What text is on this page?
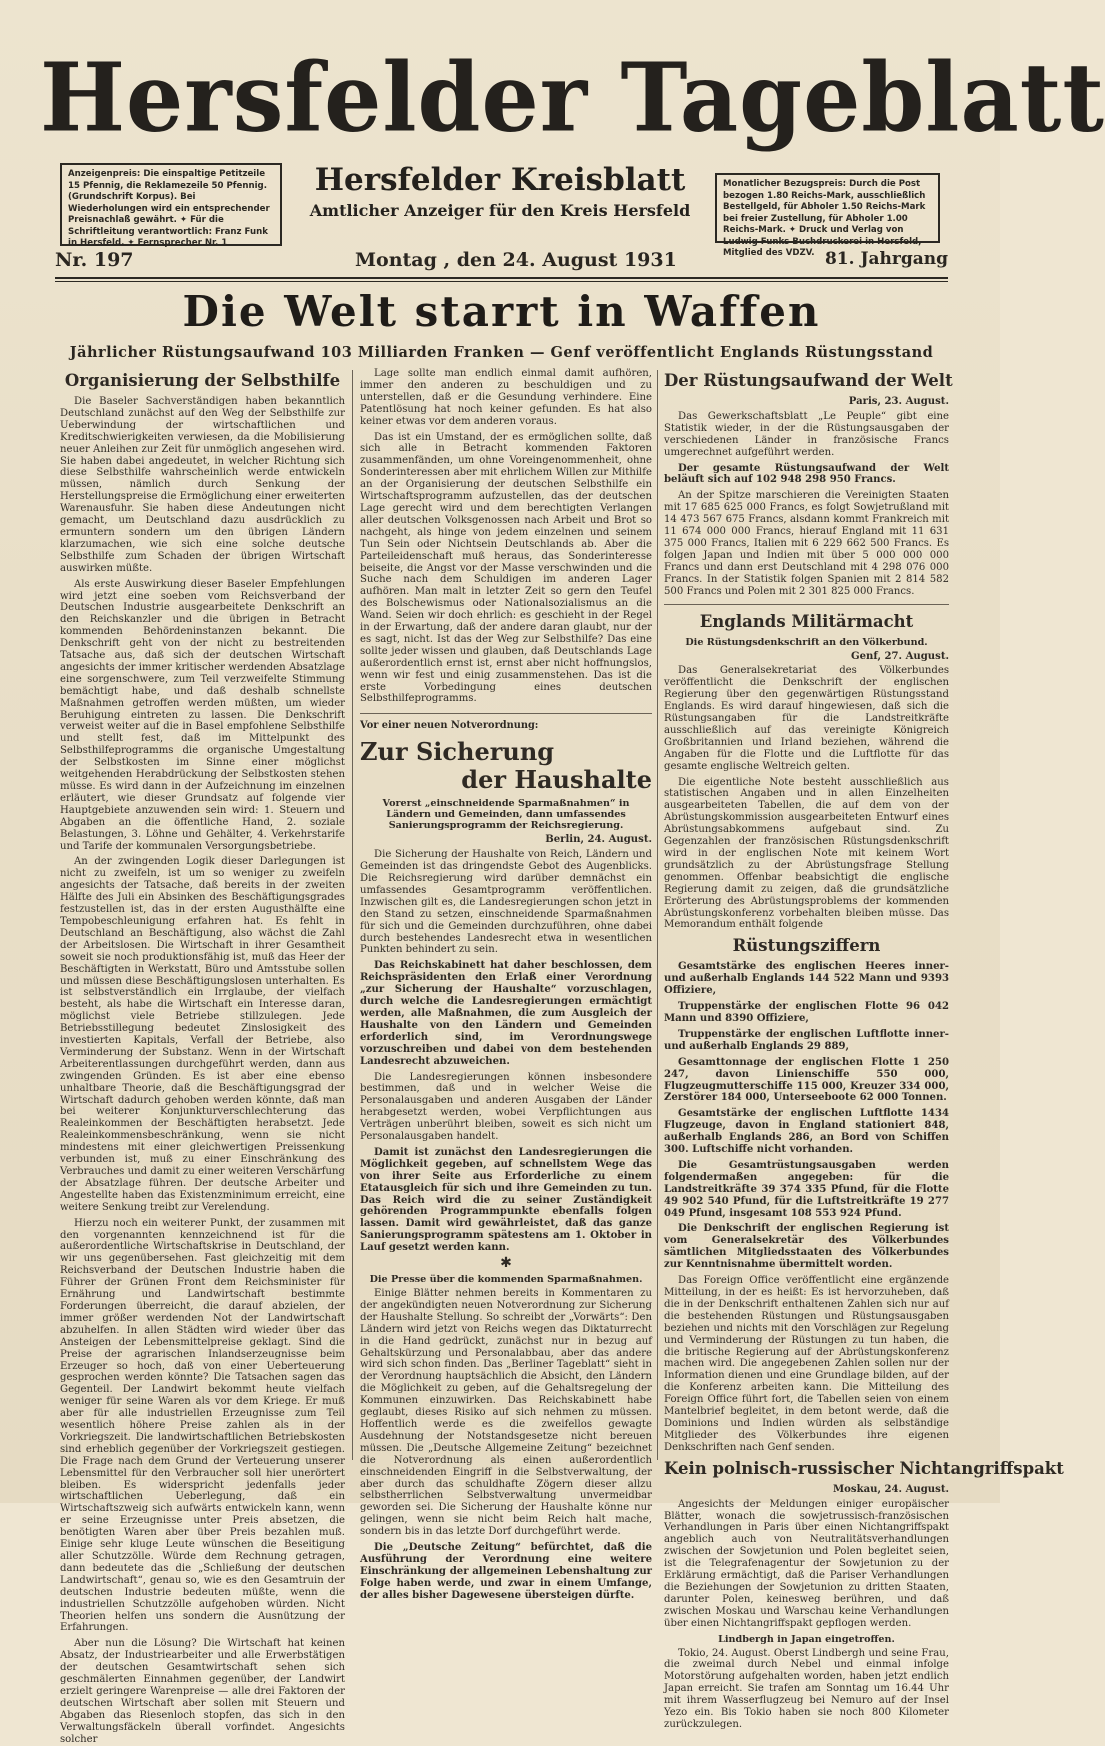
Hersfelder Tageblatt
Anzeigenpreis: Die einspaltige Petitzeile 15 Pfennig, die Reklamezeile 50 Pfennig. (Grundschrift Korpus). Bei Wiederholungen wird ein entsprechender Preisnachlaß gewährt. ✦ Für die Schriftleitung verantwortlich: Franz Funk in Hersfeld. ✦ Fernsprecher Nr. 1
Hersfelder Kreisblatt
Amtlicher Anzeiger für den Kreis Hersfeld
Monatlicher Bezugspreis: Durch die Post bezogen 1.80 Reichs-Mark, ausschließlich Bestellgeld, für Abholer 1.50 Reichs-Mark bei freier Zustellung, für Abholer 1.00 Reichs-Mark. ✦ Druck und Verlag von Ludwig Funks Buchdruckerei in Hersfeld, Mitglied des VDZV.
Nr. 197	Montag , den 24. August 1931	81. Jahrgang
Die Welt starrt in Waffen
Jährlicher Rüstungsaufwand 103 Milliarden Franken — Genf veröffentlicht Englands Rüstungsstand
Organisierung der Selbsthilfe

Die Baseler Sachverständigen haben bekanntlich Deutschland zunächst auf den Weg der Selbsthilfe zur Ueberwindung der wirtschaftlichen und Kreditschwierigkeiten verwiesen, da die Mobilisierung neuer Anleihen zur Zeit für unmöglich angesehen wird. Sie haben dabei angedeutet, in welcher Richtung sich diese Selbsthilfe wahrscheinlich werde entwickeln müssen, nämlich durch Senkung der Herstellungspreise die Ermöglichung einer erweiterten Warenausfuhr. Sie haben diese Andeutungen nicht gemacht, um Deutschland dazu ausdrücklich zu ermuntern sondern um den übrigen Ländern klarzumachen, wie sich eine solche deutsche Selbsthilfe zum Schaden der übrigen Wirtschaft auswirken müßte.

Als erste Auswirkung dieser Baseler Empfehlungen wird jetzt eine soeben vom Reichsverband der Deutschen Industrie ausgearbeitete Denkschrift an den Reichskanzler und die übrigen in Betracht kommenden Behördeninstanzen bekannt. Die Denkschrift geht von der nicht zu bestreitenden Tatsache aus, daß sich der deutschen Wirtschaft angesichts der immer kritischer werdenden Absatzlage eine sorgenschwere, zum Teil verzweifelte Stimmung bemächtigt habe, und daß deshalb schnellste Maßnahmen getroffen werden müßten, um wieder Beruhigung eintreten zu lassen. Die Denkschrift verweist weiter auf die in Basel empfohlene Selbsthilfe und stellt fest, daß im Mittelpunkt des Selbsthilfeprogramms die organische Umgestaltung der Selbstkosten im Sinne einer möglichst weitgehenden Herabdrückung der Selbstkosten stehen müsse. Es wird dann in der Aufzeichnung im einzelnen erläutert, wie dieser Grundsatz auf folgende vier Hauptgebiete anzuwenden sein wird: 1. Steuern und Abgaben an die öffentliche Hand, 2. soziale Belastungen, 3. Löhne und Gehälter, 4. Verkehrstarife und Tarife der kommunalen Versorgungsbetriebe.

An der zwingenden Logik dieser Darlegungen ist nicht zu zweifeln, ist um so weniger zu zweifeln angesichts der Tatsache, daß bereits in der zweiten Hälfte des Juli ein Absinken des Beschäftigungsgrades festzustellen ist, das in der ersten Augusthälfte eine Tempobeschleunigung erfahren hat. Es fehlt in Deutschland an Beschäftigung, also wächst die Zahl der Arbeitslosen. Die Wirtschaft in ihrer Gesamtheit soweit sie noch produktionsfähig ist, muß das Heer der Beschäftigten in Werkstatt, Büro und Amtsstube sollen und müssen diese Beschäftigungslosen unterhalten. Es ist selbstverständlich ein Irrglaube, der vielfach besteht, als habe die Wirtschaft ein Interesse daran, möglichst viele Betriebe stillzulegen. Jede Betriebsstillegung bedeutet Zinslosigkeit des investierten Kapitals, Verfall der Betriebe, also Verminderung der Substanz. Wenn in der Wirtschaft Arbeiterentlassungen durchgeführt werden, dann aus zwingenden Gründen. Es ist aber eine ebenso unhaltbare Theorie, daß die Beschäftigungsgrad der Wirtschaft dadurch gehoben werden könnte, daß man bei weiterer Konjunkturverschlechterung das Realeinkommen der Beschäftigten herabsetzt. Jede Realeinkommensbeschränkung, wenn sie nicht mindestens mit einer gleichwertigen Preissenkung verbunden ist, muß zu einer Einschränkung des Verbrauches und damit zu einer weiteren Verschärfung der Absatzlage führen. Der deutsche Arbeiter und Angestellte haben das Existenzminimum erreicht, eine weitere Senkung treibt zur Verelendung.

Hierzu noch ein weiterer Punkt, der zusammen mit den vorgenannten kennzeichnend ist für die außerordentliche Wirtschaftskrise in Deutschland, der wir uns gegenübersehen. Fast gleichzeitig mit dem Reichsverband der Deutschen Industrie haben die Führer der Grünen Front dem Reichsminister für Ernährung und Landwirtschaft bestimmte Forderungen überreicht, die darauf abzielen, der immer größer werdenden Not der Landwirtschaft abzuhelfen. In allen Städten wird wieder über das Ansteigen der Lebensmittelpreise geklagt. Sind die Preise der agrarischen Inlandserzeugnisse beim Erzeuger so hoch, daß von einer Ueberteuerung gesprochen werden könnte? Die Tatsachen sagen das Gegenteil. Der Landwirt bekommt heute vielfach weniger für seine Waren als vor dem Kriege. Er muß aber für alle industriellen Erzeugnisse zum Teil wesentlich höhere Preise zahlen als in der Vorkriegszeit. Die landwirtschaftlichen Betriebskosten sind erheblich gegenüber der Vorkriegszeit gestiegen. Die Frage nach dem Grund der Verteuerung unserer Lebensmittel für den Verbraucher soll hier unerörtert bleiben. Es widerspricht jedenfalls jeder wirtschaftlichen Ueberlegung, daß ein Wirtschaftszweig sich aufwärts entwickeln kann, wenn er seine Erzeugnisse unter Preis absetzen, die benötigten Waren aber über Preis bezahlen muß. Einige sehr kluge Leute wünschen die Beseitigung aller Schutzzölle. Würde dem Rechnung getragen, dann bedeutete das die „Schließung der deutschen Landwirtschaft“, genau so, wie es den Gesamtruin der deutschen Industrie bedeuten müßte, wenn die industriellen Schutzzölle aufgehoben würden. Nicht Theorien helfen uns sondern die Ausnützung der Erfahrungen.

Aber nun die Lösung? Die Wirtschaft hat keinen Absatz, der Industriearbeiter und alle Erwerbstätigen der deutschen Gesamtwirtschaft sehen sich geschmälerten Einnahmen gegenüber, der Landwirt erzielt geringere Warenpreise — alle drei Faktoren der deutschen Wirtschaft aber sollen mit Steuern und Abgaben das Riesenloch stopfen, das sich in den Verwaltungsfäckeln überall vorfindet. Angesichts solcher

Lage sollte man endlich einmal damit aufhören, immer den anderen zu beschuldigen und zu unterstellen, daß er die Gesundung verhindere. Eine Patentlösung hat noch keiner gefunden. Es hat also keiner etwas vor dem anderen voraus.

Das ist ein Umstand, der es ermöglichen sollte, daß sich alle in Betracht kommenden Faktoren zusammenfänden, um ohne Voreingenommenheit, ohne Sonderinteressen aber mit ehrlichem Willen zur Mithilfe an der Organisierung der deutschen Selbsthilfe ein Wirtschaftsprogramm aufzustellen, das der deutschen Lage gerecht wird und dem berechtigten Verlangen aller deutschen Volksgenossen nach Arbeit und Brot so nachgeht, als hinge von jedem einzelnen und seinem Tun Sein oder Nichtsein Deutschlands ab. Aber die Parteileidenschaft muß heraus, das Sonderinteresse beiseite, die Angst vor der Masse verschwinden und die Suche nach dem Schuldigen im anderen Lager aufhören. Man malt in letzter Zeit so gern den Teufel des Bolschewismus oder Nationalsozialismus an die Wand. Seien wir doch ehrlich: es geschieht in der Regel in der Erwartung, daß der andere daran glaubt, nur der es sagt, nicht. Ist das der Weg zur Selbsthilfe? Das eine sollte jeder wissen und glauben, daß Deutschlands Lage außerordentlich ernst ist, ernst aber nicht hoffnungslos, wenn wir fest und einig zusammenstehen. Das ist die erste Vorbedingung eines deutschen Selbsthilfeprogramms.

Vor einer neuen Notverordnung:
Zur Sicherung
der Haushalte
Vorerst „einschneidende Sparmaßnahmen“ in Ländern und Gemeinden, dann umfassendes Sanierungsprogramm der Reichsregierung.
Berlin, 24. August.

Die Sicherung der Haushalte von Reich, Ländern und Gemeinden ist das dringendste Gebot des Augenblicks. Die Reichsregierung wird darüber demnächst ein umfassendes Gesamtprogramm veröffentlichen. Inzwischen gilt es, die Landesregierungen schon jetzt in den Stand zu setzen, einschneidende Sparmaßnahmen für sich und die Gemeinden durchzuführen, ohne dabei durch bestehendes Landesrecht etwa in wesentlichen Punkten behindert zu sein.

Das Reichskabinett hat daher beschlossen, dem Reichspräsidenten den Erlaß einer Verordnung „zur Sicherung der Haushalte“ vorzuschlagen, durch welche die Landesregierungen ermächtigt werden, alle Maßnahmen, die zum Ausgleich der Haushalte von den Ländern und Gemeinden erforderlich sind, im Verordnungswege vorzuschreiben und dabei von dem bestehenden Landesrecht abzuweichen.

Die Landesregierungen können insbesondere bestimmen, daß und in welcher Weise die Personalausgaben und anderen Ausgaben der Länder herabgesetzt werden, wobei Verpflichtungen aus Verträgen unberührt bleiben, soweit es sich nicht um Personalausgaben handelt.

Damit ist zunächst den Landesregierungen die Möglichkeit gegeben, auf schnellstem Wege das von ihrer Seite aus Erforderliche zu einem Etatausgleich für sich und ihre Gemeinden zu tun. Das Reich wird die zu seiner Zuständigkeit gehörenden Programmpunkte ebenfalls folgen lassen. Damit wird gewährleistet, daß das ganze Sanierungsprogramm spätestens am 1. Oktober in Lauf gesetzt werden kann.

✱
Die Presse über die kommenden Sparmaßnahmen.

Einige Blätter nehmen bereits in Kommentaren zu der angekündigten neuen Notverordnung zur Sicherung der Haushalte Stellung. So schreibt der „Vorwärts“: Den Ländern wird jetzt von Reichs wegen das Diktaturrecht in die Hand gedrückt, zunächst nur in bezug auf Gehaltskürzung und Personalabbau, aber das andere wird sich schon finden. Das „Berliner Tageblatt“ sieht in der Verordnung hauptsächlich die Absicht, den Ländern die Möglichkeit zu geben, auf die Gehaltsregelung der Kommunen einzuwirken. Das Reichskabinett habe geglaubt, dieses Risiko auf sich nehmen zu müssen. Hoffentlich werde es die zweifellos gewagte Ausdehnung der Notstandsgesetze nicht bereuen müssen. Die „Deutsche Allgemeine Zeitung“ bezeichnet die Notverordnung als einen außerordentlich einschneidenden Eingriff in die Selbstverwaltung, der aber durch das schuldhafte Zögern dieser allzu selbstherrlichen Selbstverwaltung unvermeidbar geworden sei. Die Sicherung der Haushalte könne nur gelingen, wenn sie nicht beim Reich halt mache, sondern bis in das letzte Dorf durchgeführt werde.

Die „Deutsche Zeitung“ befürchtet, daß die Ausführung der Verordnung eine weitere Einschränkung der allgemeinen Lebenshaltung zur Folge haben werde, und zwar in einem Umfange, der alles bisher Dagewesene übersteigen dürfte.

Der Rüstungsaufwand der Welt
Paris, 23. August.

Das Gewerkschaftsblatt „Le Peuple“ gibt eine Statistik wieder, in der die Rüstungsausgaben der verschiedenen Länder in französische Francs umgerechnet aufgeführt werden.

Der gesamte Rüstungsaufwand der Welt beläuft sich auf 102 948 298 950 Francs.

An der Spitze marschieren die Vereinigten Staaten mit 17 685 625 000 Francs, es folgt Sowjetrußland mit 14 473 567 675 Francs, alsdann kommt Frankreich mit 11 674 000 000 Francs, hierauf England mit 11 631 375 000 Francs, Italien mit 6 229 662 500 Francs. Es folgen Japan und Indien mit über 5 000 000 000 Francs und dann erst Deutschland mit 4 298 076 000 Francs. In der Statistik folgen Spanien mit 2 814 582 500 Francs und Polen mit 2 301 825 000 Francs.

Englands Militärmacht
Die Rüstungsdenkschrift an den Völkerbund.
Genf, 27. August.

Das Generalsekretariat des Völkerbundes veröffentlicht die Denkschrift der englischen Regierung über den gegenwärtigen Rüstungsstand Englands. Es wird darauf hingewiesen, daß sich die Rüstungsangaben für die Landstreitkräfte ausschließlich auf das vereinigte Königreich Großbritannien und Irland beziehen, während die Angaben für die Flotte und die Luftflotte für das gesamte englische Weltreich gelten.

Die eigentliche Note besteht ausschließlich aus statistischen Angaben und in allen Einzelheiten ausgearbeiteten Tabellen, die auf dem von der Abrüstungskommission ausgearbeiteten Entwurf eines Abrüstungsabkommens aufgebaut sind. Zu Gegenzahlen der französischen Rüstungsdenkschrift wird in der englischen Note mit keinem Wort grundsätzlich zu der Abrüstungsfrage Stellung genommen. Offenbar beabsichtigt die englische Regierung damit zu zeigen, daß die grundsätzliche Erörterung des Abrüstungsproblems der kommenden Abrüstungskonferenz vorbehalten bleiben müsse. Das Memorandum enthält folgende

Rüstungsziffern

Gesamtstärke des englischen Heeres inner- und außerhalb Englands 144 522 Mann und 9393 Offiziere,

Truppenstärke der englischen Flotte 96 042 Mann und 8390 Offiziere,

Truppenstärke der englischen Luftflotte inner- und außerhalb Englands 29 889,

Gesamttonnage der englischen Flotte 1 250 247, davon Linienschiffe 550 000, Flugzeugmutterschiffe 115 000, Kreuzer 334 000, Zerstörer 184 000, Unterseeboote 62 000 Tonnen.

Gesamtstärke der englischen Luftflotte 1434 Flugzeuge, davon in England stationiert 848, außerhalb Englands 286, an Bord von Schiffen 300. Luftschiffe nicht vorhanden.

Die Gesamtrüstungsausgaben werden folgendermaßen angegeben: für die Landstreitkräfte 39 374 335 Pfund, für die Flotte 49 902 540 Pfund, für die Luftstreitkräfte 19 277 049 Pfund, insgesamt 108 553 924 Pfund.

Die Denkschrift der englischen Regierung ist vom Generalsekretär des Völkerbundes sämtlichen Mitgliedsstaaten des Völkerbundes zur Kenntnisnahme übermittelt worden.

Das Foreign Office veröffentlicht eine ergänzende Mitteilung, in der es heißt: Es ist hervorzuheben, daß die in der Denkschrift enthaltenen Zahlen sich nur auf die bestehenden Rüstungen und Rüstungsausgaben beziehen und nichts mit den Vorschlägen zur Regelung und Verminderung der Rüstungen zu tun haben, die die britische Regierung auf der Abrüstungskonferenz machen wird. Die angegebenen Zahlen sollen nur der Information dienen und eine Grundlage bilden, auf der die Konferenz arbeiten kann. Die Mitteilung des Foreign Office führt fort, die Tabellen seien von einem Mantelbrief begleitet, in dem betont werde, daß die Dominions und Indien würden als selbständige Mitglieder des Völkerbundes ihre eigenen Denkschriften nach Genf senden.

Kein polnisch-russischer Nichtangriffspakt
Moskau, 24. August.

Angesichts der Meldungen einiger europäischer Blätter, wonach die sowjetrussisch-französischen Verhandlungen in Paris über einen Nichtangriffspakt angeblich auch von Neutralitätsverhandlungen zwischen der Sowjetunion und Polen begleitet seien, ist die Telegrafenagentur der Sowjetunion zu der Erklärung ermächtigt, daß die Pariser Verhandlungen die Beziehungen der Sowjetunion zu dritten Staaten, darunter Polen, keinesweg berühren, und daß zwischen Moskau und Warschau keine Verhandlungen über einen Nichtangriffspakt gepflogen werden.

Lindbergh in Japan eingetroffen.

Tokio, 24. August. Oberst Lindbergh und seine Frau, die zweimal durch Nebel und einmal infolge Motorstörung aufgehalten worden, haben jetzt endlich Japan erreicht. Sie trafen am Sonntag um 16.44 Uhr mit ihrem Wasserflugzeug bei Nemuro auf der Insel Yezo ein. Bis Tokio haben sie noch 800 Kilometer zurückzulegen.
